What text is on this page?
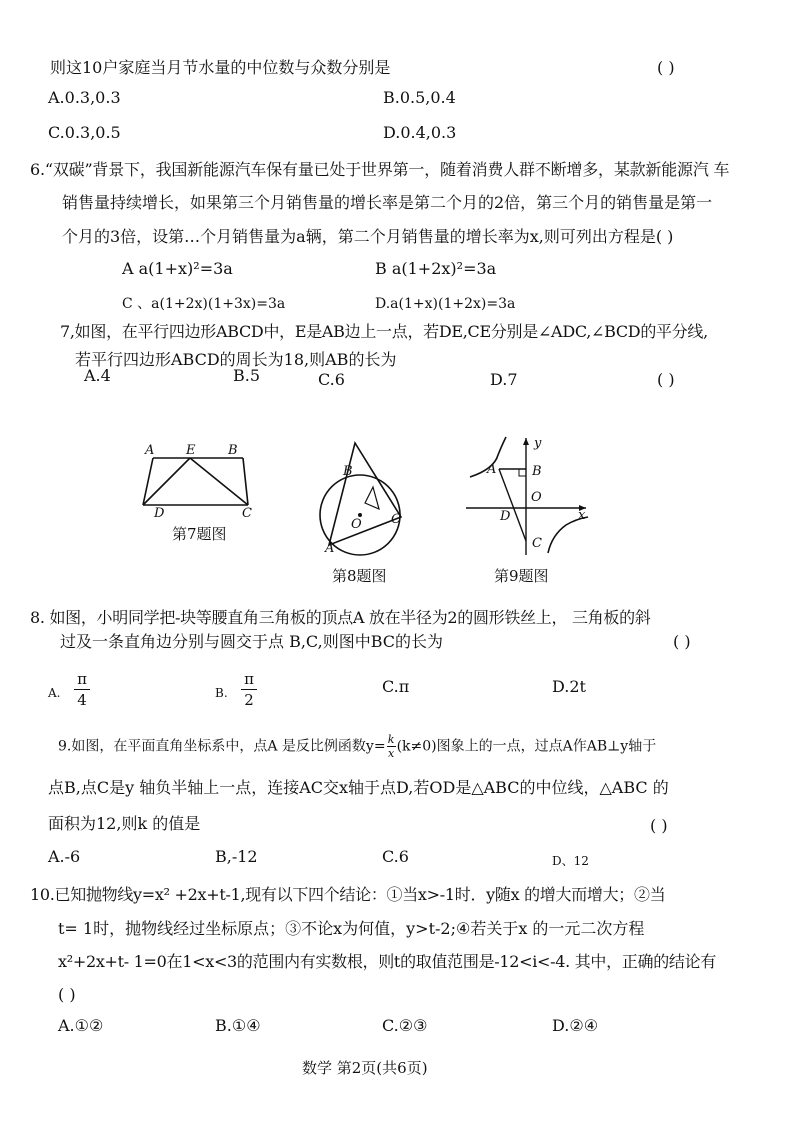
则这10户家庭当月节水量的中位数与众数分别是	( )
A.0.3,0.3	B.0.5,0.4
C.0.3,0.5	D.0.4,0.3
6.“双碳”背景下，我国新能源汽车保有量已处于世界第一，随着消费人群不断增多，某款新能源汽 车
销售量持续增长，如果第三个月销售量的增长率是第二个月的2倍，第三个月的销售量是第一
个月的3倍，设第…个月销售量为a辆，第二个月销售量的增长率为x,则可列出方程是( )
A a(1+x)²=3a	B a(1+2x)²=3a
C 、a(1+2x)(1+3x)=3a	D.a(1+x)(1+2x)=3a
7,如图，在平行四边形ABCD中，E是AB边上一点，若DE,CE分别是∠ADC,∠BCD的平分线,
若平行四边形ABCD的周长为18,则AB的长为
A.4	B.5	C.6	D.7	( )
A E	B
D	C
第7题图
B
O C
A
第8题图
y
A	B
O
D	x
C
第9题图
8. 如图，小明同学把-块等腰直角三角板的顶点A 放在半径为2的圆形铁丝上， 三角板的斜
过及一条直角边分别与圆交于点 B,C,则图中BC的长为	( )
A.
π
4	B.
π
2
C.π	D.2t
9.如图，在平面直角坐标系中，点A 是反比例函数$y= \frac{k}{x} (k\ne 0)$图象上的一点，过点A作AB⊥y轴于
点B,点C是y 轴负半轴上一点，连接AC交x轴于点D,若OD是△ABC的中位线，△ABC 的
面积为12,则k 的值是	( )
A.-6	B,-12	C.6	D、12
10.已知抛物线y=x² +2x+t-1,现有以下四个结论：①当x>-1时．y随x 的增大而增大；②当
t= 1时，抛物线经过坐标原点；③不论x为何值，y>t-2;④若关于x 的一元二次方程
x²+2x+t- 1=0在1<x<3的范围内有实数根，则t的取值范围是-12<i<-4. 其中，正确的结论有
( )
A.①②	B.①④	C.②③	D.②④
数学 第2页(共6页)
